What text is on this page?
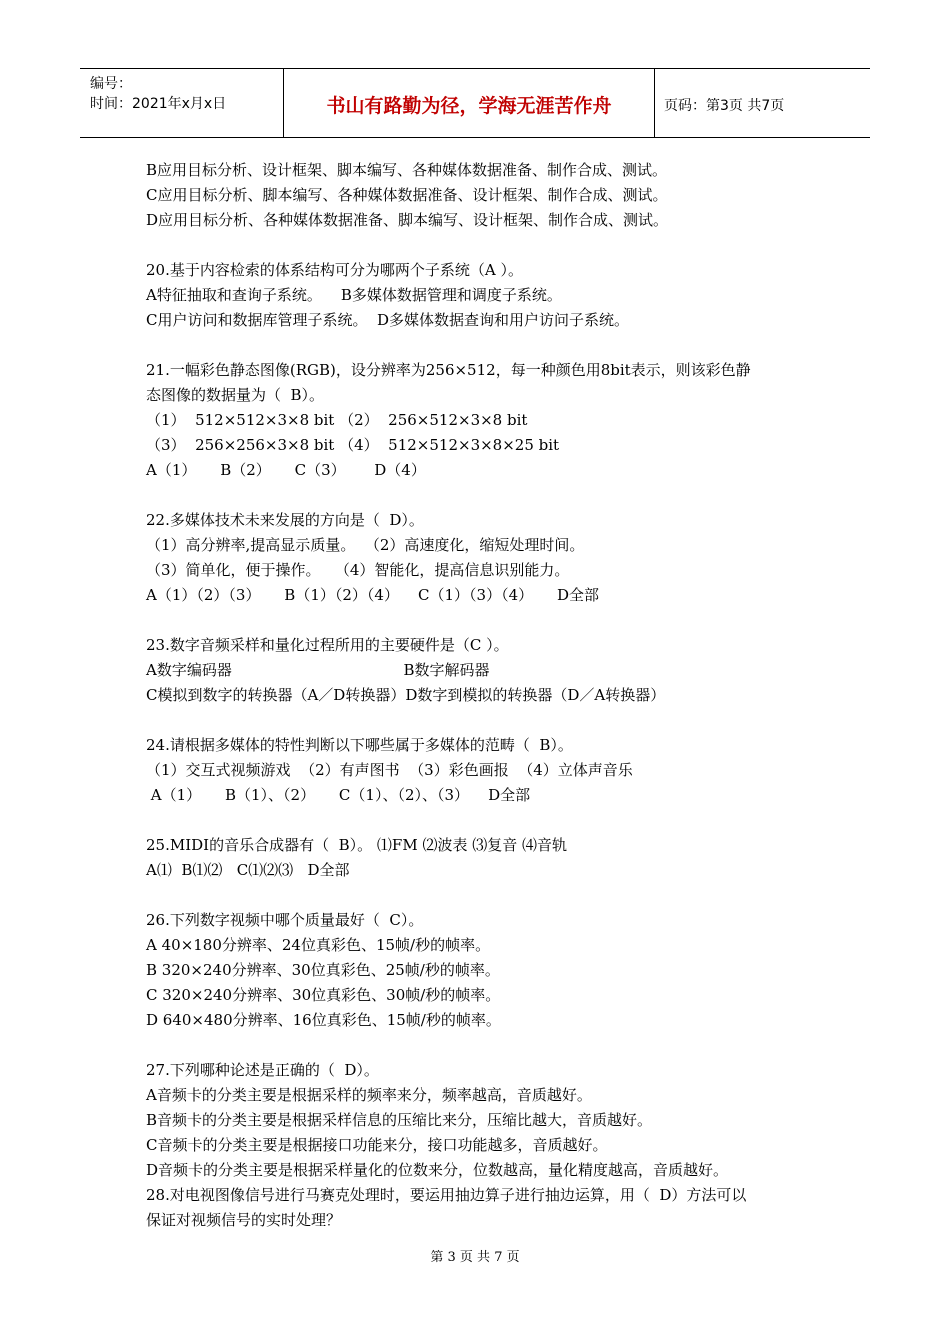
编号：
时间：2021年x月x日	书山有路勤为径，学海无涯苦作舟	页码：第3页 共7页
B应用目标分析、设计框架、脚本编写、各种媒体数据准备、制作合成、测试。
C应用目标分析、脚本编写、各种媒体数据准备、设计框架、制作合成、测试。
D应用目标分析、各种媒体数据准备、脚本编写、设计框架、制作合成、测试。
20.基于内容检索的体系结构可分为哪两个子系统（A ）。
A特征抽取和查询子系统。    B多媒体数据管理和调度子系统。
C用户访问和数据库管理子系统。  D多媒体数据查询和用户访问子系统。
21.一幅彩色静态图像(RGB)，设分辨率为256×512，每一种颜色用8bit表示，则该彩色静
态图像的数据量为（  B）。
（1）  512×512×3×8 bit （2）  256×512×3×8 bit
（3）  256×256×3×8 bit （4）  512×512×3×8×25 bit
A（1）     B（2）     C（3）      D（4）
22.多媒体技术未来发展的方向是（  D）。
（1）高分辨率,提高显示质量。  （2）高速度化，缩短处理时间。
（3）简单化，便于操作。   （4）智能化，提高信息识别能力。
A（1）（2）（3）     B（1）（2）（4）    C（1）（3）（4）     D全部
23.数字音频采样和量化过程所用的主要硬件是（C ）。
A数字编码器                                    B数字解码器
C模拟到数字的转换器（A／D转换器）D数字到模拟的转换器（D／A转换器）
24.请根据多媒体的特性判断以下哪些属于多媒体的范畴（  B）。
（1）交互式视频游戏  （2）有声图书  （3）彩色画报  （4）立体声音乐
A（1）     B（1）、（2）     C（1）、（2）、（3）    D全部
25.MIDI的音乐合成器有（  B）。 ⑴FM ⑵波表 ⑶复音 ⑷音轨
A⑴  B⑴⑵   C⑴⑵⑶   D全部
26.下列数字视频中哪个质量最好（  C）。
A 40×180分辨率、24位真彩色、15帧/秒的帧率。
B 320×240分辨率、30位真彩色、25帧/秒的帧率。
C 320×240分辨率、30位真彩色、30帧/秒的帧率。
D 640×480分辨率、16位真彩色、15帧/秒的帧率。
27.下列哪种论述是正确的（  D）。
A音频卡的分类主要是根据采样的频率来分，频率越高，音质越好。
B音频卡的分类主要是根据采样信息的压缩比来分，压缩比越大，音质越好。
C音频卡的分类主要是根据接口功能来分，接口功能越多，音质越好。
D音频卡的分类主要是根据采样量化的位数来分，位数越高，量化精度越高，音质越好。
28.对电视图像信号进行马赛克处理时，要运用抽边算子进行抽边运算，用（  D）方法可以
保证对视频信号的实时处理？
第 3 页 共 7 页
